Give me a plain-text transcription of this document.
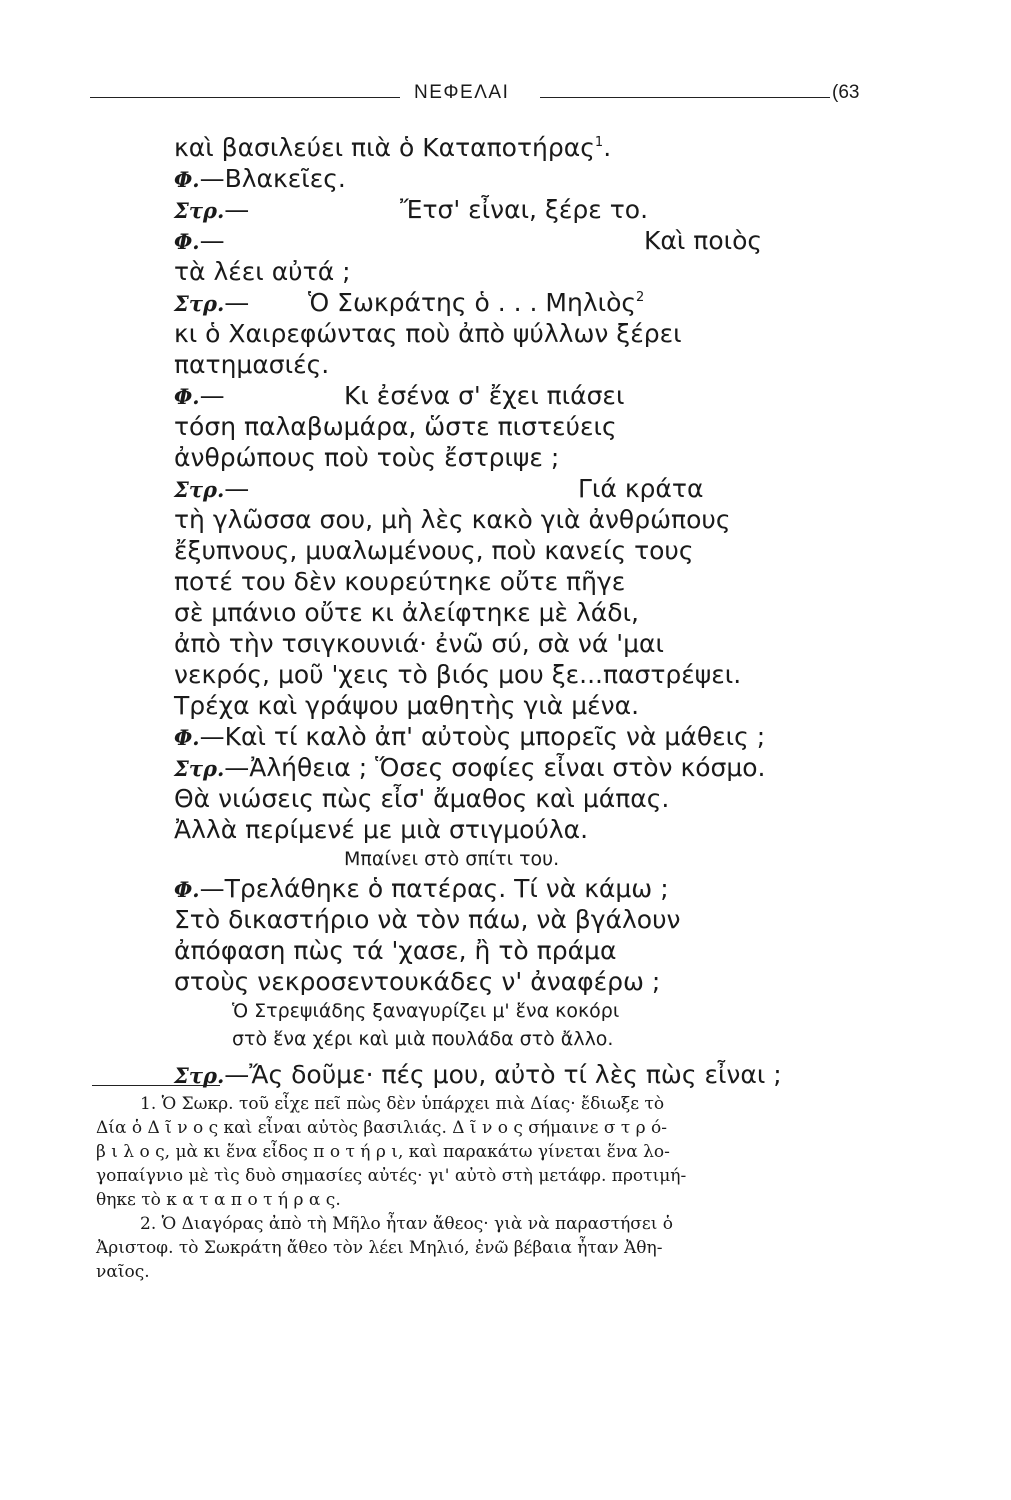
ΝΕΦΕΛΑΙ	(63
καὶ βασιλεύει πιὰ ὁ Καταποτήρας$^1$.
Φ.—Βλακεῖες.
Στρ.—	Ἔτσ' εἶναι, ξέρε το.
Φ.—	Καὶ ποιὸς
τὰ λέει αὐτά ;
Στρ.— Ὁ Σωκράτης ὁ . . . Μηλιὸς$^2$
κι ὁ Χαιρεφώντας ποὺ ἀπὸ ψύλλων ξέρει
πατημασιές.
Φ.—	Κι ἐσένα σ' ἔχει πιάσει
τόση παλαβωμάρα, ὥστε πιστεύεις
ἀνθρώπους ποὺ τοὺς ἔστριψε ;
Στρ.—	Γιά κράτα
τὴ γλῶσσα σου, μὴ λὲς κακὸ γιὰ ἀνθρώπους
ἔξυπνους, μυαλωμένους, ποὺ κανείς τους
ποτέ του δὲν κουρεύτηκε οὔτε πῆγε
σὲ μπάνιο οὔτε κι ἀλείφτηκε μὲ λάδι,
ἀπὸ τὴν τσιγκουνιά· ἐνῶ σύ, σὰ νά 'μαι
νεκρός, μοῦ 'χεις τὸ βιός μου ξε...παστρέψει.
Τρέχα καὶ γράψου μαθητὴς γιὰ μένα.
Φ.—Καὶ τί καλὸ ἀπ' αὐτοὺς μπορεῖς νὰ μάθεις ;
Στρ.—Ἀλήθεια ; Ὅσες σοφίες εἶναι στὸν κόσμο.
Θὰ νιώσεις πὼς εἶσ' ἄμαθος καὶ μάπας.
Ἀλλὰ περίμενέ με μιὰ στιγμούλα.
Μπαίνει στὸ σπίτι του.
Φ.—Τρελάθηκε ὁ πατέρας. Τί νὰ κάμω ;
Στὸ δικαστήριο νὰ τὸν πάω, νὰ βγάλουν
ἀπόφαση πὼς τά 'χασε, ἢ τὸ πράμα
στοὺς νεκροσεντουκάδες ν' ἀναφέρω ;
Ὁ Στρεψιάδης ξαναγυρίζει μ' ἕνα κοκόρι
στὸ ἕνα χέρι καὶ μιὰ πουλάδα στὸ ἄλλο.
Στρ.—Ἄς δοῦμε· πές μου, αὐτὸ τί λὲς πὼς εἶναι ;

1. Ὁ Σωκρ. τοῦ εἶχε πεῖ πὼς δὲν ὑπάρχει πιὰ Δίας· ἔδιωξε τὸ

Δία ὁ Δ ῖ ν ο ς καὶ εἶναι αὐτὸς βασιλιάς. Δ ῖ ν ο ς σήμαινε σ τ ρ ό-

β ι λ ο ς, μὰ κι ἕνα εἶδος π ο τ ή ρ ι, καὶ παρακάτω γίνεται ἕνα λο-

γοπαίγνιο μὲ τὶς δυὸ σημασίες αὐτές· γι' αὐτὸ στὴ μετάφρ. προτιμή-

θηκε τὸ κ α τ α π ο τ ή ρ α ς.

2. Ὁ Διαγόρας ἀπὸ τὴ Μῆλο ἦταν ἄθεος· γιὰ νὰ παραστήσει ὁ

Ἀριστοφ. τὸ Σωκράτη ἄθεο τὸν λέει Μηλιό, ἐνῶ βέβαια ἦταν Ἀθη-

ναῖος.
